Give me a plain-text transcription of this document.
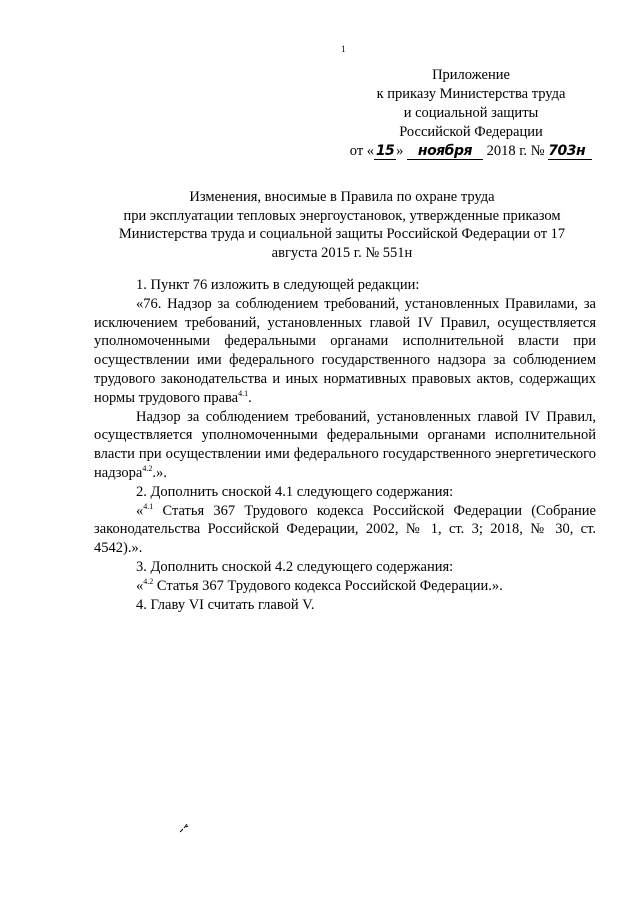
1
Приложение
к приказу Министерства труда
и социальной защиты
Российской Федерации
от « 15 » ноября 2018 г. № 703н
Изменения, вносимые в Правила по охране труда
при эксплуатации тепловых энергоустановок, утвержденные приказом
Министерства труда и социальной защиты Российской Федерации от 17
августа 2015 г. № 551н

1. Пункт 76 изложить в следующей редакции:

«76. Надзор за соблюдением требований, установленных Правилами, за исключением требований, установленных главой IV Правил, осуществляется уполномоченными федеральными органами исполнительной власти при осуществлении ими федерального государственного надзора за соблюдением трудового законодательства и иных нормативных правовых актов, содержащих нормы трудового права$^{4.1}$.

Надзор за соблюдением требований, установленных главой IV Правил, осуществляется уполномоченными федеральными органами исполнительной власти при осуществлении ими федерального государственного энергетического надзора$^{4.2}$.».

2. Дополнить сноской 4.1 следующего содержания:

«$^{4.1}$ Статья 367 Трудового кодекса Российской Федерации (Собрание законодательства Российской Федерации, 2002, № 1, ст. 3; 2018, № 30, ст. 4542).».

3. Дополнить сноской 4.2 следующего содержания:

«$^{4.2}$ Статья 367 Трудового кодекса Российской Федерации.».

4. Главу VI считать главой V.
